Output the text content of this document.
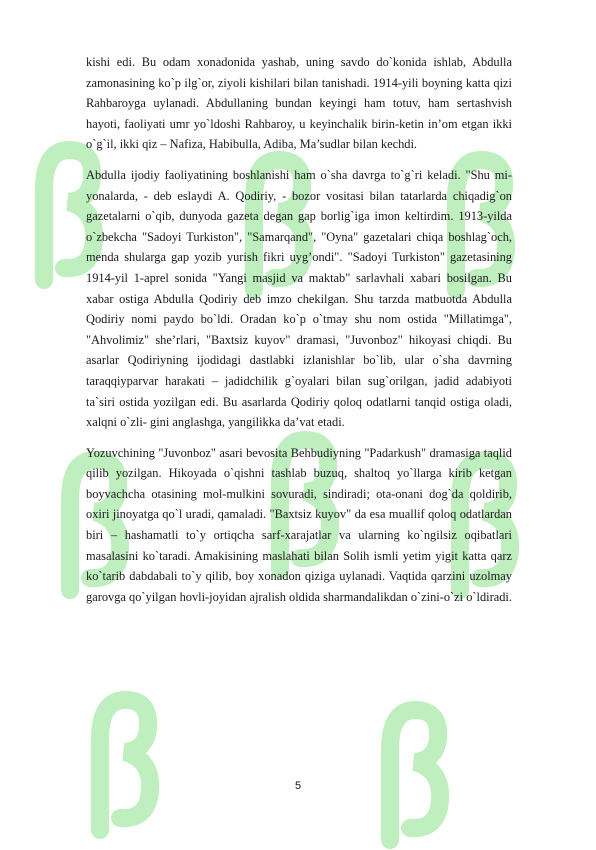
kishi edi. Bu odam xonadonida yashab, uning savdo do`konida ishlab, Abdulla zamonasining ko`p ilg`or, ziyoli kishilari bilan tanishadi. 1914-yili boyning katta qizi Rahbaroyga uylanadi. Abdullaning bundan keyingi ham totuv, ham sertashvish hayoti, faoliyati umr yo`ldoshi Rahbaroy, u keyinchalik birin-ketin in’om etgan ikki o`g`il, ikki qiz – Nafiza, Habibulla, Adiba, Ma’sudlar bilan kechdi.

Abdulla ijodiy faoliyatining boshlanishi ham o`sha davrga to`g`ri keladi. "Shu mi-yonalarda, - deb eslaydi A. Qodiriy, - bozor vositasi bilan tatarlarda chiqadig`on gazetalarni o`qib, dunyoda gazeta degan gap borlig`iga imon keltirdim. 1913-yilda o`zbekcha "Sadoyi Turkiston", "Samarqand", "Oyna" gazetalari chiqa boshlag`och, menda shularga gap yozib yurish fikri uyg’ondi". "Sadoyi Turkiston" gazetasining 1914-yil 1-aprel sonida "Yangi masjid va maktab" sarlavhali xabari bosilgan. Bu xabar ostiga Abdulla Qodiriy deb imzo chekilgan. Shu tarzda matbuotda Abdulla Qodiriy nomi paydo bo`ldi. Oradan ko`p o`tmay shu nom ostida "Millatimga", "Ahvolimiz" she’rlari, "Baxtsiz kuyov" dramasi, "Juvonboz" hikoyasi chiqdi. Bu asarlar Qodiriyning ijodidagi dastlabki izlanishlar bo`lib, ular o`sha davrning taraqqiyparvar harakati – jadidchilik g`oyalari bilan sug`orilgan, jadid adabiyoti ta`siri ostida yozilgan edi. Bu asarlarda Qodiriy qoloq odatlarni tanqid ostiga oladi, xalqni o`zli- gini anglashga, yangilikka da’vat etadi.

Yozuvchining "Juvonboz" asari bevosita Behbudiyning "Padarkush" dramasiga taqlid qilib yozilgan. Hikoyada o`qishni tashlab buzuq, shaltoq yo`llarga kirib ketgan boyvachcha otasining mol-mulkini sovuradi, sindiradi; ota-onani dog`da qoldirib, oxiri jinoyatga qo`l uradi, qamaladi. "Baxtsiz kuyov" da esa muallif qoloq odatlardan biri – hashamatli to`y ortiqcha sarf-xarajatlar va ularning ko`ngilsiz oqibatlari masalasini ko`taradi. Amakisining maslahati bilan Solih ismli yetim yigit katta qarz ko`tarib dabdabali to`y qilib, boy xonadon qiziga uylanadi. Vaqtida qarzini uzolmay garovga qo`yilgan hovli-joyidan ajralish oldida sharmandalikdan o`zini-o`zi o`ldiradi.

5
